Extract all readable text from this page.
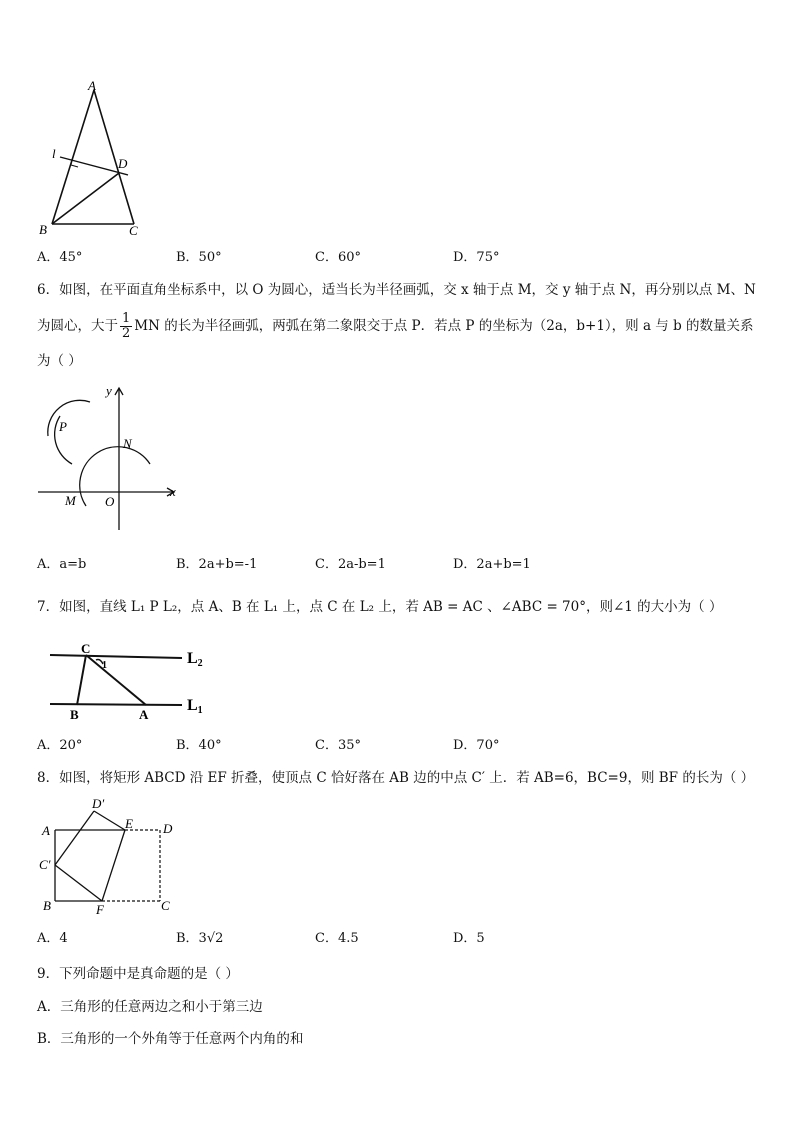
A
l
D
B	C
A．45°	B．50°	C．60°	D．75°
6．如图，在平面直角坐标系中，以 O 为圆心，适当长为半径画弧，交 x 轴于点 M，交 y 轴于点 N，再分别以点 M、N
为圆心，大于 $\frac{1}{2}$ MN 的长为半径画弧，两弧在第二象限交于点 P．若点 P 的坐标为（2a，b+1），则 a 与 b 的数量关系
为（ ）
y
x
N
P
M O
A．a=b	B．2a+b=-1	C．2a-b=1	D．2a+b=1
7．如图，直线 L₁ P L₂，点 A、B 在 L₁ 上，点 C 在 L₂ 上，若 AB = AC 、∠ABC = 70°，则∠1 的大小为（ ）
C
1
B	A
L2
L1
A．20°	B．40°	C．35°	D．70°
8．如图，将矩形 ABCD 沿 EF 折叠，使顶点 C 恰好落在 AB 边的中点 C′ 上．若 AB=6，BC=9，则 BF 的长为（ ）
D′
A	E D
C′
B	F	C
A．4	B．3√2	C．4.5	D．5
9．下列命题中是真命题的是（ ）
A．三角形的任意两边之和小于第三边
B．三角形的一个外角等于任意两个内角的和
